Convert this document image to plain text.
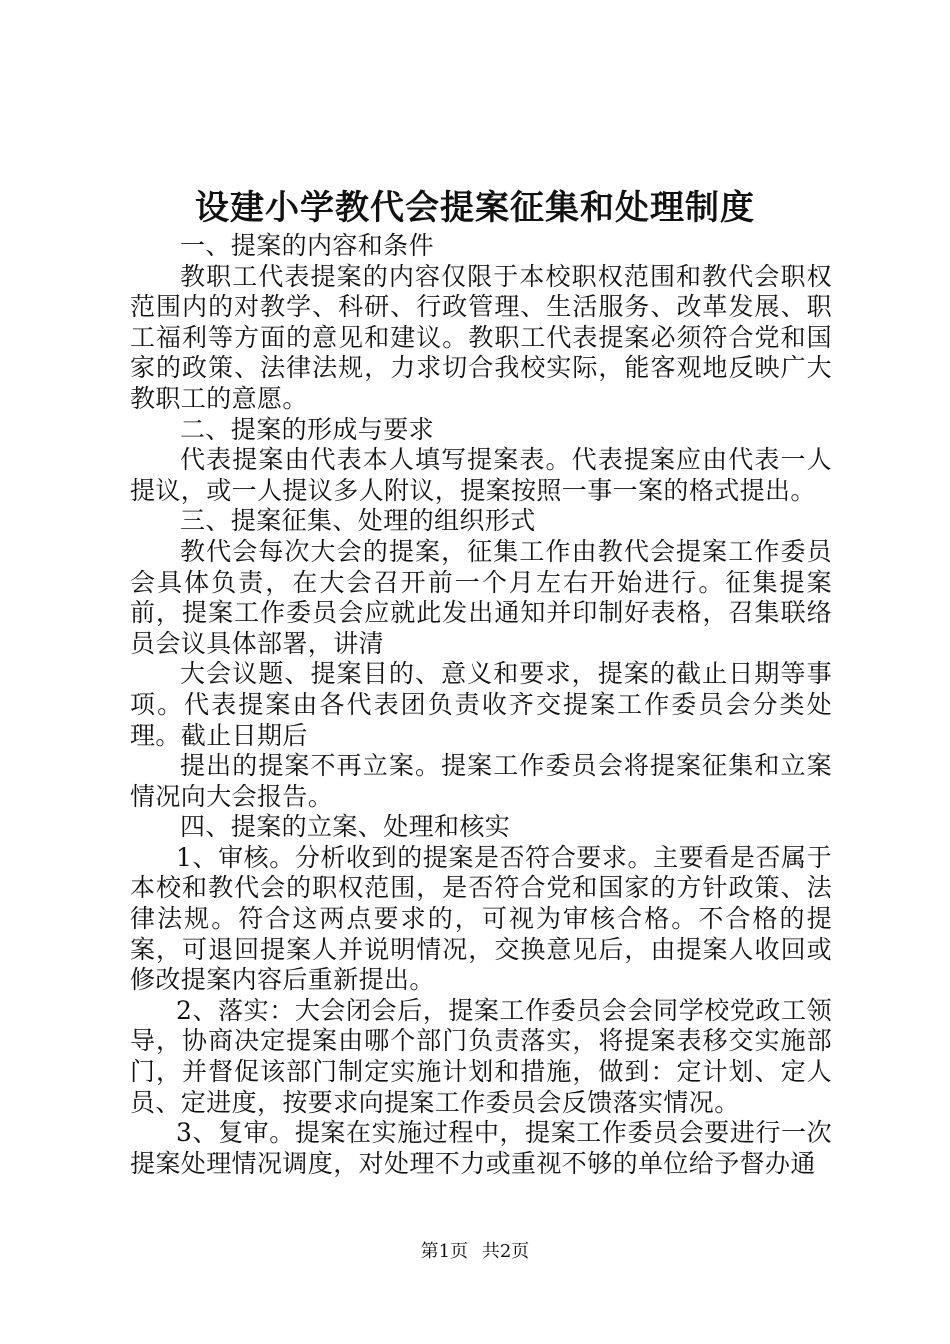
设建小学教代会提案征集和处理制度

一、提案的内容和条件

教职工代表提案的内容仅限于本校职权范围和教代会职权范围内的对教学、科研、行政管理、生活服务、改革发展、职工福利等方面的意见和建议。教职工代表提案必须符合党和国家的政策、法律法规，力求切合我校实际，能客观地反映广大教职工的意愿。

二、提案的形成与要求

代表提案由代表本人填写提案表。代表提案应由代表一人提议，或一人提议多人附议，提案按照一事一案的格式提出。

三、提案征集、处理的组织形式

教代会每次大会的提案，征集工作由教代会提案工作委员会具体负责，在大会召开前一个月左右开始进行。征集提案前，提案工作委员会应就此发出通知并印制好表格，召集联络员会议具体部署，讲清

大会议题、提案目的、意义和要求，提案的截止日期等事项。代表提案由各代表团负责收齐交提案工作委员会分类处理。截止日期后

提出的提案不再立案。提案工作委员会将提案征集和立案情况向大会报告。

四、提案的立案、处理和核实

1、审核。分析收到的提案是否符合要求。主要看是否属于本校和教代会的职权范围，是否符合党和国家的方针政策、法律法规。符合这两点要求的，可视为审核合格。不合格的提案，可退回提案人并说明情况，交换意见后，由提案人收回或修改提案内容后重新提出。

2、落实：大会闭会后，提案工作委员会会同学校党政工领导，协商决定提案由哪个部门负责落实，将提案表移交实施部门，并督促该部门制定实施计划和措施，做到：定计划、定人员、定进度，按要求向提案工作委员会反馈落实情况。

3、复审。提案在实施过程中，提案工作委员会要进行一次提案处理情况调度，对处理不力或重视不够的单位给予督办通

第1页 共2页
